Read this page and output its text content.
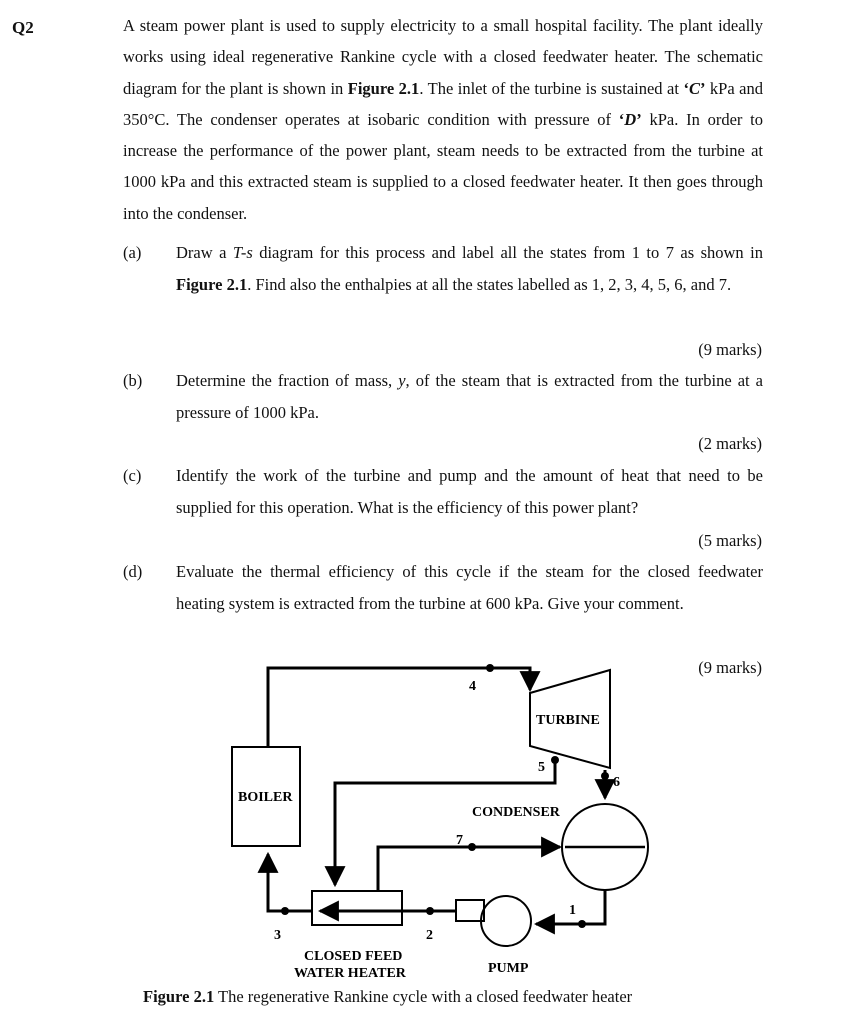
Q2	A steam power plant is used to supply electricity to a small hospital facility. The plant ideally works using ideal regenerative Rankine cycle with a closed feedwater heater. The schematic diagram for the plant is shown in Figure 2.1. The inlet of the turbine is sustained at ‘C’ kPa and 350°C. The condenser operates at isobaric condition with pressure of ‘D’ kPa. In order to increase the performance of the power plant, steam needs to be extracted from the turbine at 1000 kPa and this extracted steam is supplied to a closed feedwater heater. It then goes through into the condenser.
(a) Draw a T-s diagram for this process and label all the states from 1 to 7 as shown in Figure 2.1. Find also the enthalpies at all the states labelled as 1, 2, 3, 4, 5, 6, and 7.
(9 marks)
(b) Determine the fraction of mass, y, of the steam that is extracted from the turbine at a pressure of 1000 kPa.
(2 marks)
(c) Identify the work of the turbine and pump and the amount of heat that need to be supplied for this operation. What is the efficiency of this power plant?
(5 marks)
(d) Evaluate the thermal efficiency of this cycle if the steam for the closed feedwater heating system is extracted from the turbine at 600 kPa. Give your comment.
(9 marks)
BOILER
TURBINE
CONDENSER
CLOSED FEED
WATER HEATER	PUMP
4
5
6
7
1
2
3
Figure 2.1 The regenerative Rankine cycle with a closed feedwater heater
